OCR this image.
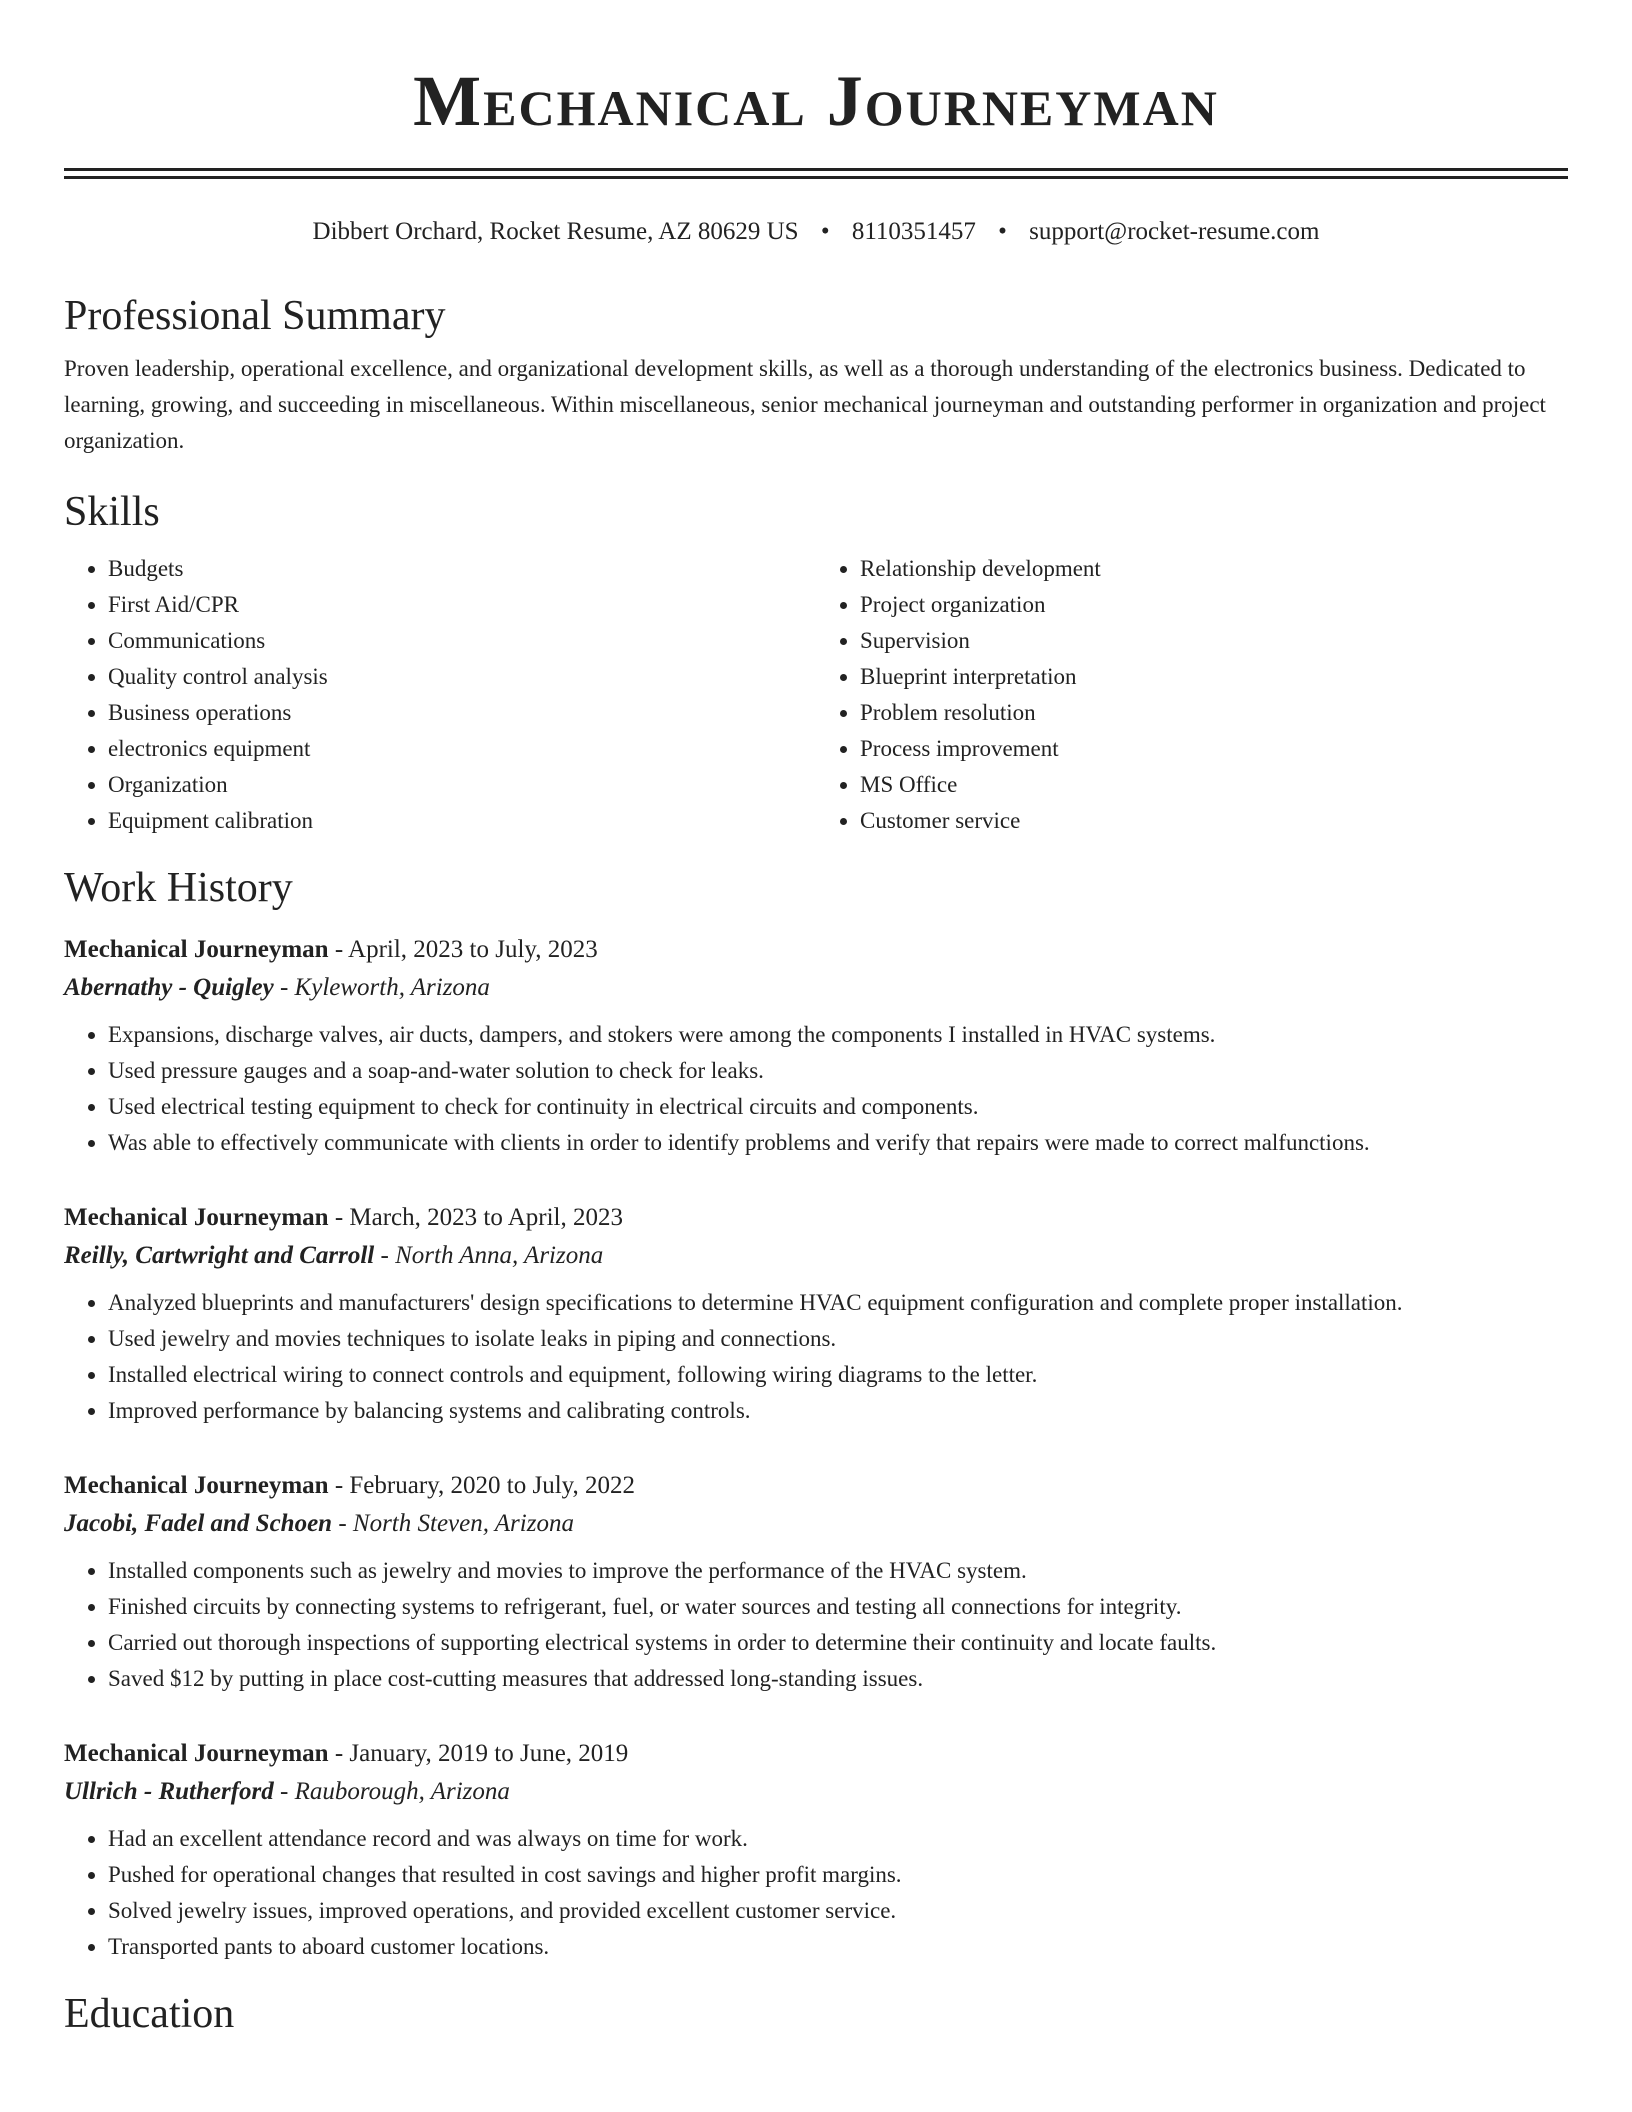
Mechanical Journeyman
Dibbert Orchard, Rocket Resume, AZ 80629 US • 8110351457 • support@rocket-resume.com
Professional Summary
Proven leadership, operational excellence, and organizational development skills, as well as a thorough understanding of the electronics business. Dedicated to learning, growing, and succeeding in miscellaneous. Within miscellaneous, senior mechanical journeyman and outstanding performer in organization and project organization.
Skills
• Budgets
• First Aid/CPR
• Communications
• Quality control analysis
• Business operations
• electronics equipment
• Organization
• Equipment calibration
• Relationship development
• Project organization
• Supervision
• Blueprint interpretation
• Problem resolution
• Process improvement
• MS Office
• Customer service
Work History
Mechanical Journeyman - April, 2023 to July, 2023
Abernathy - Quigley - Kyleworth, Arizona
• Expansions, discharge valves, air ducts, dampers, and stokers were among the components I installed in HVAC systems.
• Used pressure gauges and a soap-and-water solution to check for leaks.
• Used electrical testing equipment to check for continuity in electrical circuits and components.
• Was able to effectively communicate with clients in order to identify problems and verify that repairs were made to correct malfunctions.
Mechanical Journeyman - March, 2023 to April, 2023
Reilly, Cartwright and Carroll - North Anna, Arizona
• Analyzed blueprints and manufacturers' design specifications to determine HVAC equipment configuration and complete proper installation.
• Used jewelry and movies techniques to isolate leaks in piping and connections.
• Installed electrical wiring to connect controls and equipment, following wiring diagrams to the letter.
• Improved performance by balancing systems and calibrating controls.
Mechanical Journeyman - February, 2020 to July, 2022
Jacobi, Fadel and Schoen - North Steven, Arizona
• Installed components such as jewelry and movies to improve the performance of the HVAC system.
• Finished circuits by connecting systems to refrigerant, fuel, or water sources and testing all connections for integrity.
• Carried out thorough inspections of supporting electrical systems in order to determine their continuity and locate faults.
• Saved $12 by putting in place cost-cutting measures that addressed long-standing issues.
Mechanical Journeyman - January, 2019 to June, 2019
Ullrich - Rutherford - Rauborough, Arizona
• Had an excellent attendance record and was always on time for work.
• Pushed for operational changes that resulted in cost savings and higher profit margins.
• Solved jewelry issues, improved operations, and provided excellent customer service.
• Transported pants to aboard customer locations.
Education
